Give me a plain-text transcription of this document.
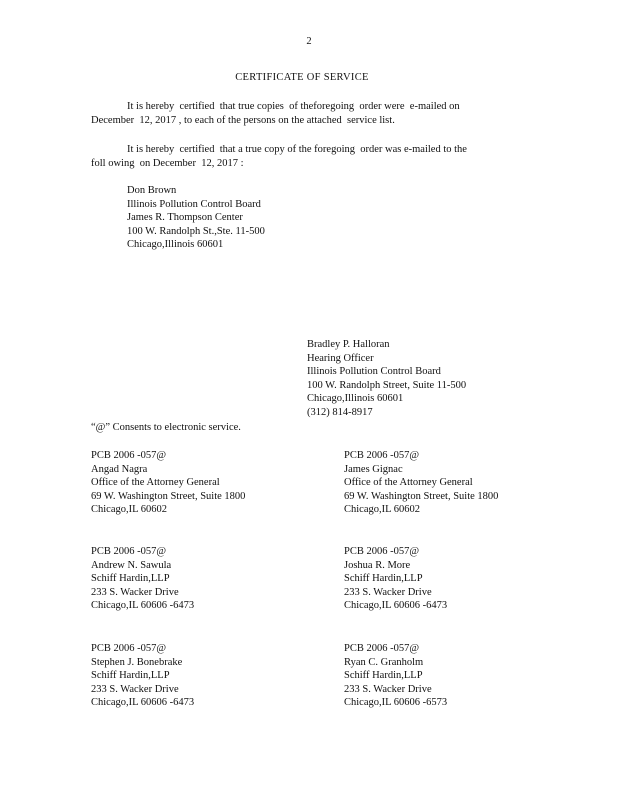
2
CERTIFICATE OF SERVICE
It is hereby  certified  that true copies  of theforegoing  order were  e-mailed on
December  12, 2017 , to each of the persons on the attached  service list.
It is hereby  certified  that a true copy of the foregoing  order was e-mailed to the
foll owing  on December  12, 2017 :
Don Brown
Illinois Pollution Control Board
James R. Thompson Center
100 W. Randolph St.,Ste. 11-500
Chicago,Illinois 60601
Bradley P. Halloran
Hearing Officer
Illinois Pollution Control Board
100 W. Randolph Street, Suite 11-500
Chicago,Illinois 60601
(312) 814-8917
“@” Consents to electronic service.
PCB 2006 -057@
Angad Nagra
Office of the Attorney General
69 W. Washington Street, Suite 1800
Chicago,IL 60602
PCB 2006 -057@
James Gignac
Office of the Attorney General
69 W. Washington Street, Suite 1800
Chicago,IL 60602
PCB 2006 -057@
Andrew N. Sawula
Schiff Hardin,LLP
233 S. Wacker Drive
Chicago,IL 60606 -6473
PCB 2006 -057@
Joshua R. More
Schiff Hardin,LLP
233 S. Wacker Drive
Chicago,IL 60606 -6473
PCB 2006 -057@
Stephen J. Bonebrake
Schiff Hardin,LLP
233 S. Wacker Drive
Chicago,IL 60606 -6473
PCB 2006 -057@
Ryan C. Granholm
Schiff Hardin,LLP
233 S. Wacker Drive
Chicago,IL 60606 -6573
